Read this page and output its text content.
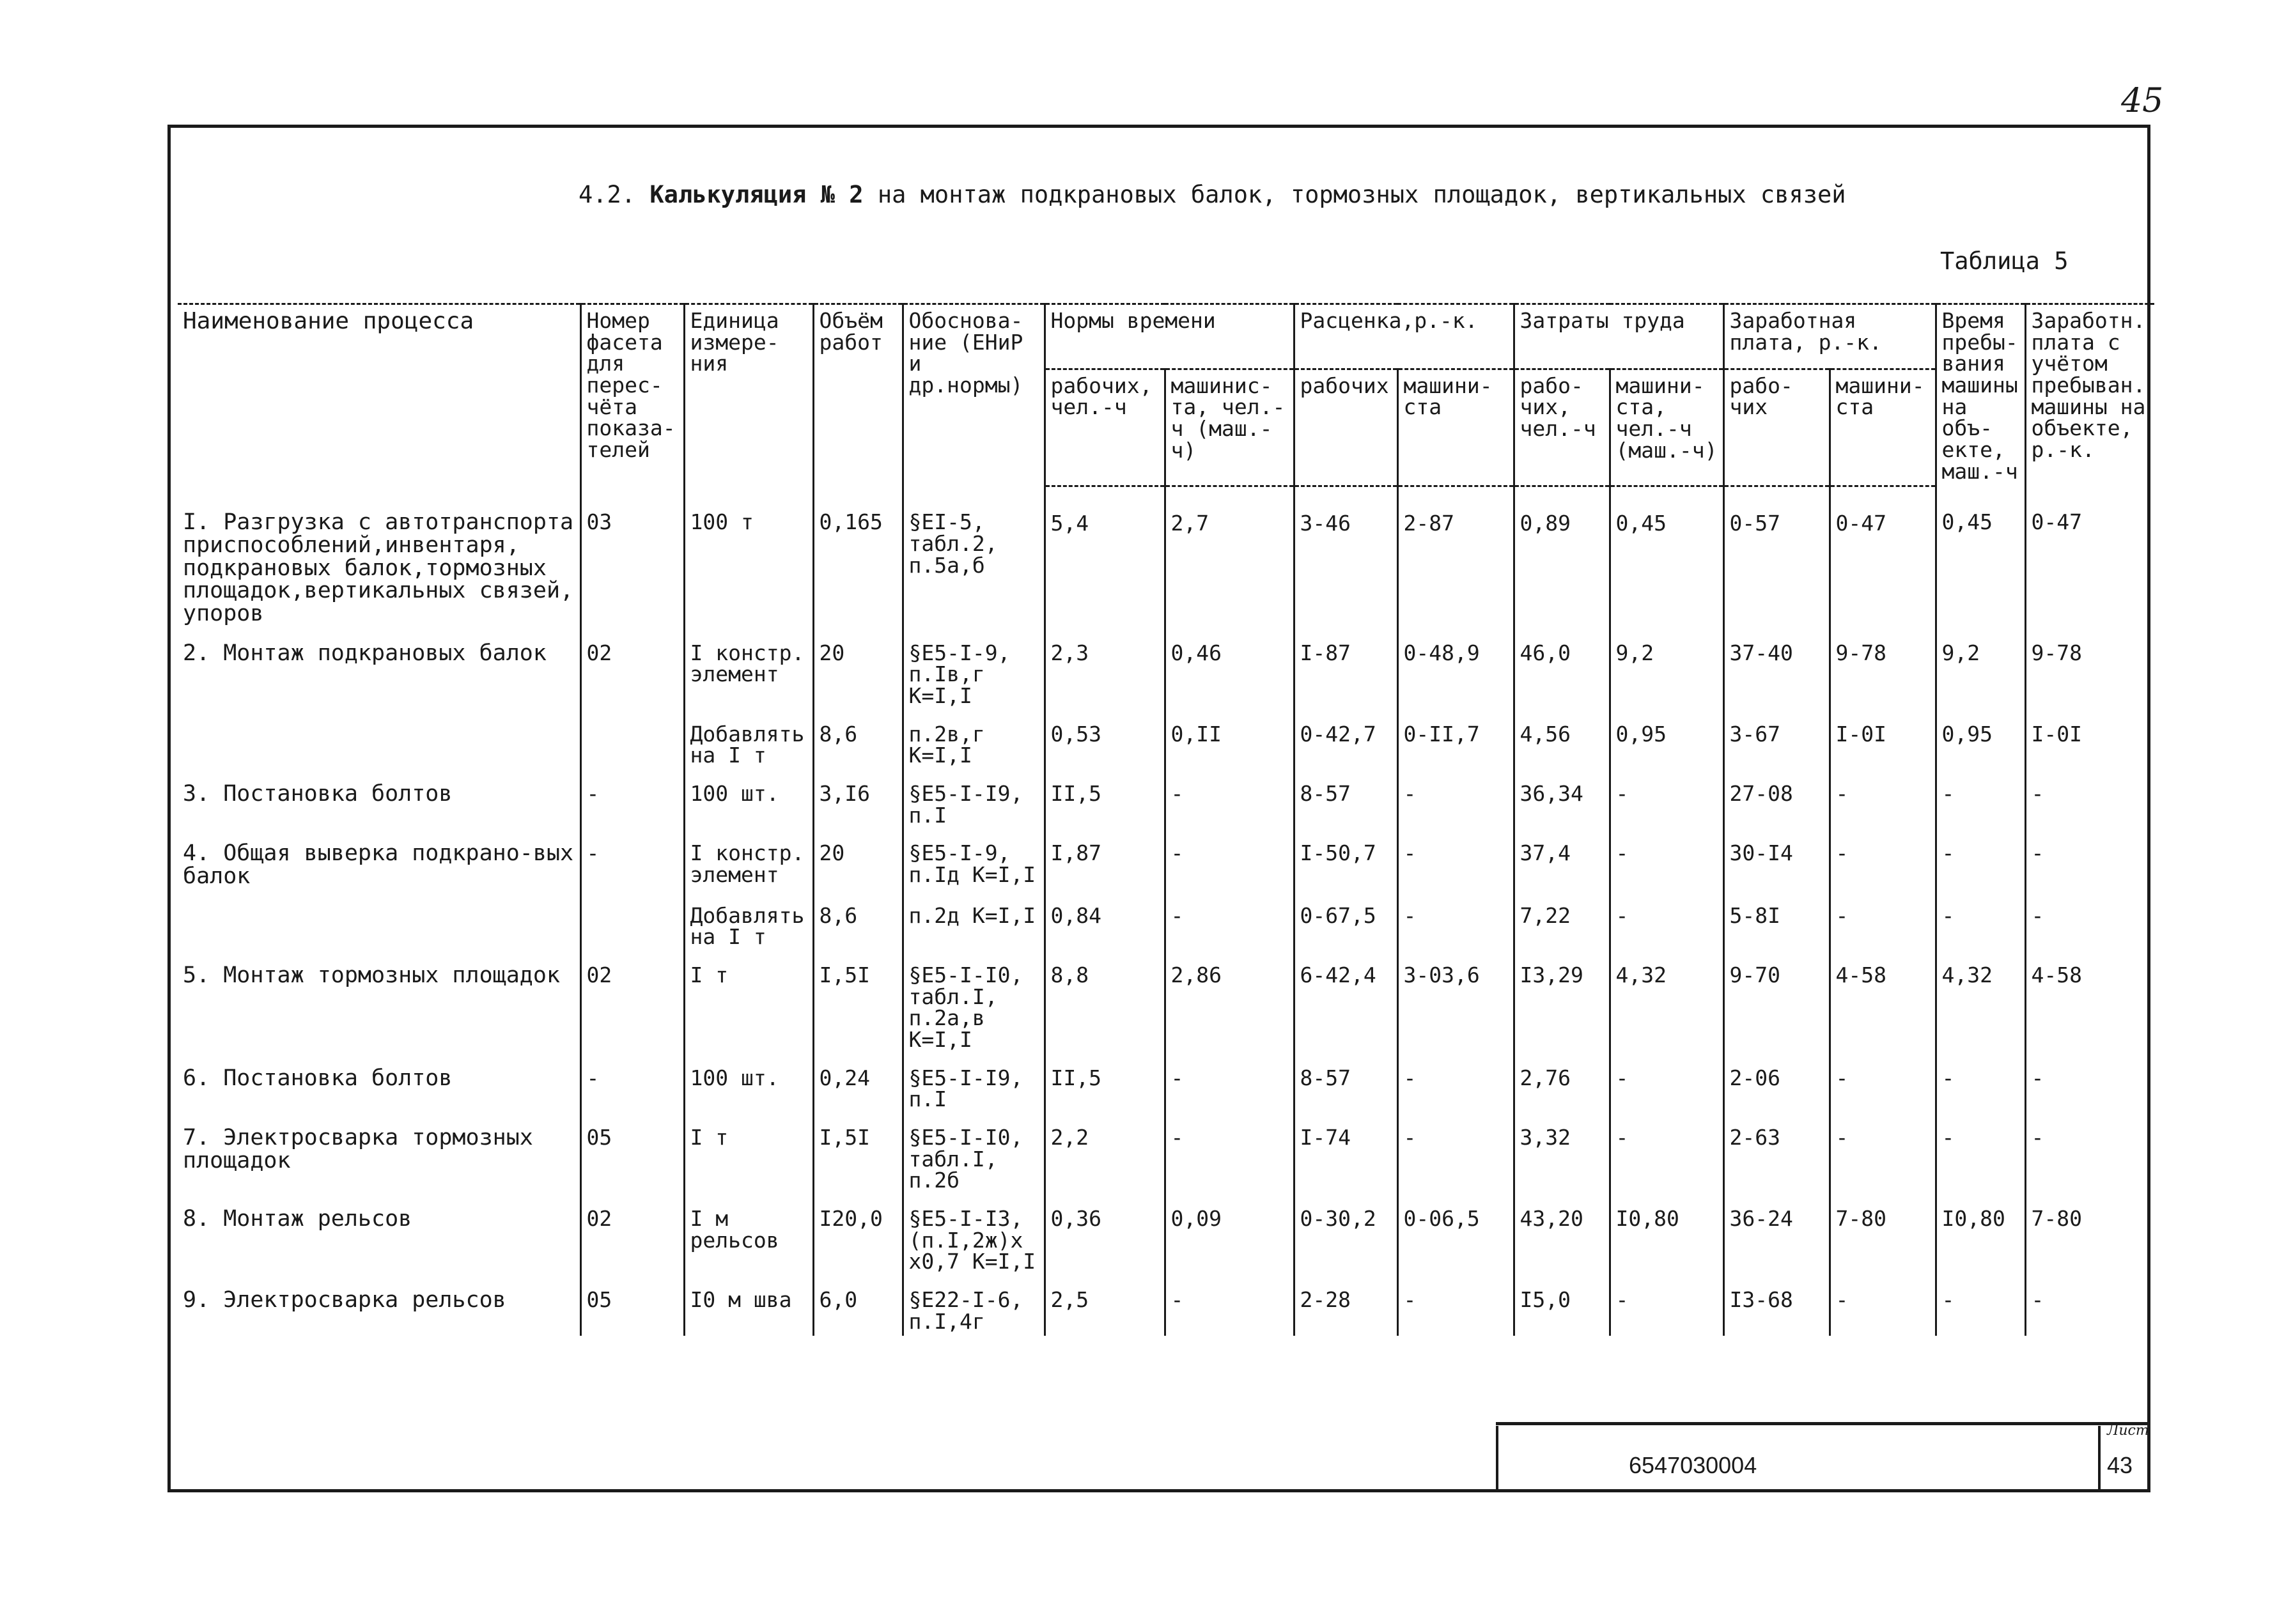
45
4.2. Калькуляция № 2 на монтаж подкрановых балок, тормозных площадок, вертикальных связей
Таблица 5
Наименование процесса	Номер фасета для перес-чёта показа-телей	Единица измере-ния	Объём работ	Обоснова-ние (ЕНиР и др.нормы)	Нормы времени		Расценка,р.-к.		Затраты труда		Заработная плата, р.-к.		Время пребы-вания машины на объ-екте, маш.-ч	Заработн. плата с учётом пребыван. машины на объекте, р.-к.
					рабочих, чел.-ч	машинис-та, чел.-ч (маш.-ч)	рабочих	машини-ста	рабо-чих, чел.-ч	машини-ста, чел.-ч (маш.-ч)	рабо-чих	машини-ста		
I. Разгрузка с автотранспорта приспособлений,инвентаря, подкрановых балок,тормозных площадок,вертикальных связей, упоров	03	100 т	0,165	§EI-5, табл.2, п.5а,б	5,4	2,7	3-46	2-87	0,89	0,45	0-57	0-47	0,45	0-47
2. Монтаж подкрановых балок	02	I констр. элемент	20	§E5-I-9, п.Iв,г К=I,I	2,3	0,46	I-87	0-48,9	46,0	9,2	37-40	9-78	9,2	9-78
		Добавлять на I т	8,6	п.2в,г К=I,I	0,53	0,II	0-42,7	0-II,7	4,56	0,95	3-67	I-0I	0,95	I-0I
3. Постановка болтов	-	100 шт.	3,I6	§E5-I-I9, п.I	II,5	-	8-57	-	36,34	-	27-08	-	-	-
4. Общая выверка подкрано-вых балок	-	I констр. элемент	20	§E5-I-9, п.Iд К=I,I	I,87	-	I-50,7	-	37,4	-	30-I4	-	-	-
		Добавлять на I т	8,6	п.2д К=I,I	0,84	-	0-67,5	-	7,22	-	5-8I	-	-	-
5. Монтаж тормозных площадок	02	I т	I,5I	§E5-I-I0, табл.I, п.2а,в К=I,I	8,8	2,86	6-42,4	3-03,6	I3,29	4,32	9-70	4-58	4,32	4-58
6. Постановка болтов	-	100 шт.	0,24	§E5-I-I9, п.I	II,5	-	8-57	-	2,76	-	2-06	-	-	-
7. Электросварка тормозных площадок	05	I т	I,5I	§E5-I-I0, табл.I, п.2б	2,2	-	I-74	-	3,32	-	2-63	-	-	-
8. Монтаж рельсов	02	I м рельсов	I20,0	§E5-I-I3, (п.I,2ж)х х0,7 К=I,I	0,36	0,09	0-30,2	0-06,5	43,20	I0,80	36-24	7-80	I0,80	7-80
9. Электросварка рельсов	05	I0 м шва	6,0	§E22-I-6, п.I,4г	2,5	-	2-28	-	I5,0	-	I3-68	-	-	-
6547030004
Лист
43
